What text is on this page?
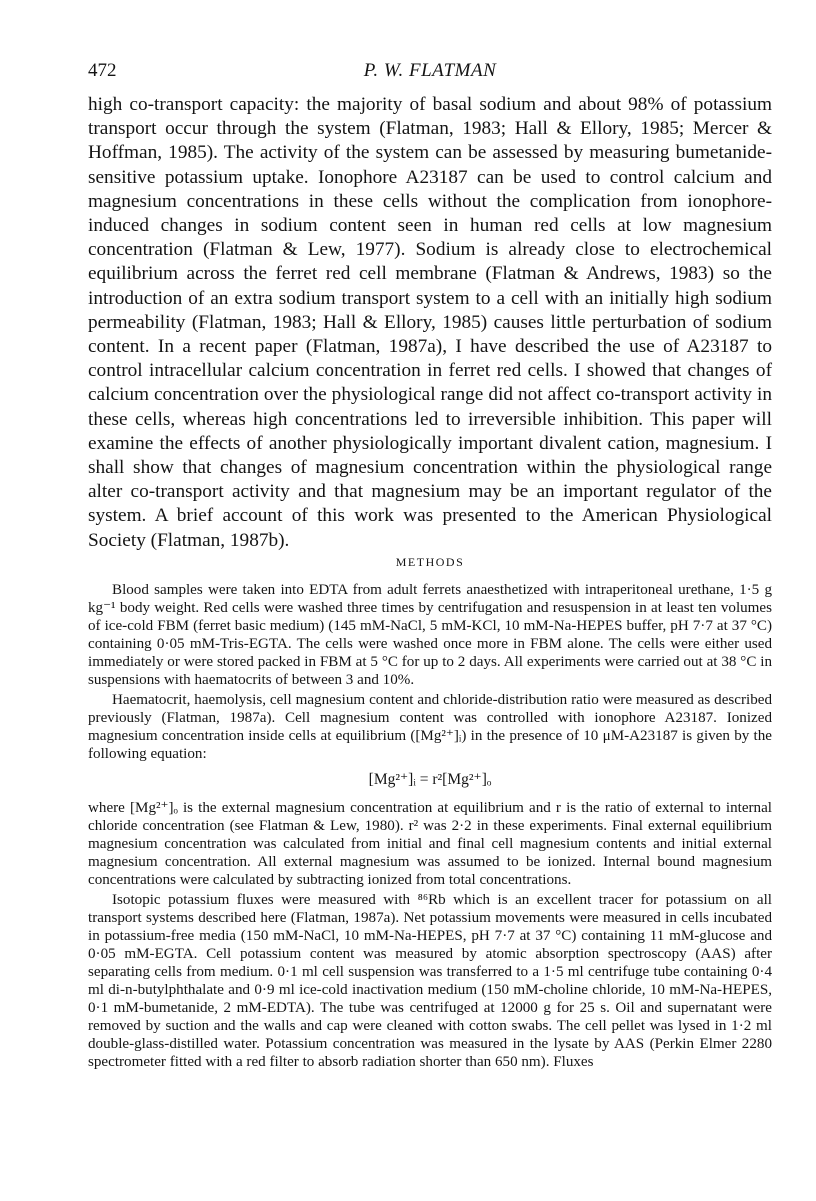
472	P. W. FLATMAN

high co-transport capacity: the majority of basal sodium and about 98% of potassium transport occur through the system (Flatman, 1983; Hall & Ellory, 1985; Mercer & Hoffman, 1985). The activity of the system can be assessed by measuring bumetanide-sensitive potassium uptake. Ionophore A23187 can be used to control calcium and magnesium concentrations in these cells without the complication from ionophore-induced changes in sodium content seen in human red cells at low magnesium concentration (Flatman & Lew, 1977). Sodium is already close to electrochemical equilibrium across the ferret red cell membrane (Flatman & Andrews, 1983) so the introduction of an extra sodium transport system to a cell with an initially high sodium permeability (Flatman, 1983; Hall & Ellory, 1985) causes little perturbation of sodium content. In a recent paper (Flatman, 1987a), I have described the use of A23187 to control intracellular calcium concentration in ferret red cells. I showed that changes of calcium concentration over the physiological range did not affect co-transport activity in these cells, whereas high concentrations led to irreversible inhibition. This paper will examine the effects of another physiologically important divalent cation, magnesium. I shall show that changes of magnesium concentration within the physiological range alter co-transport activity and that magnesium may be an important regulator of the system. A brief account of this work was presented to the American Physiological Society (Flatman, 1987b).

METHODS

Blood samples were taken into EDTA from adult ferrets anaesthetized with intraperitoneal urethane, 1·5 g kg⁻¹ body weight. Red cells were washed three times by centrifugation and resuspension in at least ten volumes of ice-cold FBM (ferret basic medium) (145 mM-NaCl, 5 mM-KCl, 10 mM-Na-HEPES buffer, pH 7·7 at 37 °C) containing 0·05 mM-Tris-EGTA. The cells were washed once more in FBM alone. The cells were either used immediately or were stored packed in FBM at 5 °C for up to 2 days. All experiments were carried out at 38 °C in suspensions with haematocrits of between 3 and 10%.

Haematocrit, haemolysis, cell magnesium content and chloride-distribution ratio were measured as described previously (Flatman, 1987a). Cell magnesium content was controlled with ionophore A23187. Ionized magnesium concentration inside cells at equilibrium ([Mg²⁺]ᵢ) in the presence of 10 μM-A23187 is given by the following equation:

[Mg²⁺]ᵢ = r²[Mg²⁺]ₒ

where [Mg²⁺]ₒ is the external magnesium concentration at equilibrium and r is the ratio of external to internal chloride concentration (see Flatman & Lew, 1980). r² was 2·2 in these experiments. Final external equilibrium magnesium concentration was calculated from initial and final cell magnesium contents and initial external magnesium concentration. All external magnesium was assumed to be ionized. Internal bound magnesium concentrations were calculated by subtracting ionized from total concentrations.

Isotopic potassium fluxes were measured with ⁸⁶Rb which is an excellent tracer for potassium on all transport systems described here (Flatman, 1987a). Net potassium movements were measured in cells incubated in potassium-free media (150 mM-NaCl, 10 mM-Na-HEPES, pH 7·7 at 37 °C) containing 11 mM-glucose and 0·05 mM-EGTA. Cell potassium content was measured by atomic absorption spectroscopy (AAS) after separating cells from medium. 0·1 ml cell suspension was transferred to a 1·5 ml centrifuge tube containing 0·4 ml di-n-butylphthalate and 0·9 ml ice-cold inactivation medium (150 mM-choline chloride, 10 mM-Na-HEPES, 0·1 mM-bumetanide, 2 mM-EDTA). The tube was centrifuged at 12000 g for 25 s. Oil and supernatant were removed by suction and the walls and cap were cleaned with cotton swabs. The cell pellet was lysed in 1·2 ml double-glass-distilled water. Potassium concentration was measured in the lysate by AAS (Perkin Elmer 2280 spectrometer fitted with a red filter to absorb radiation shorter than 650 nm). Fluxes
